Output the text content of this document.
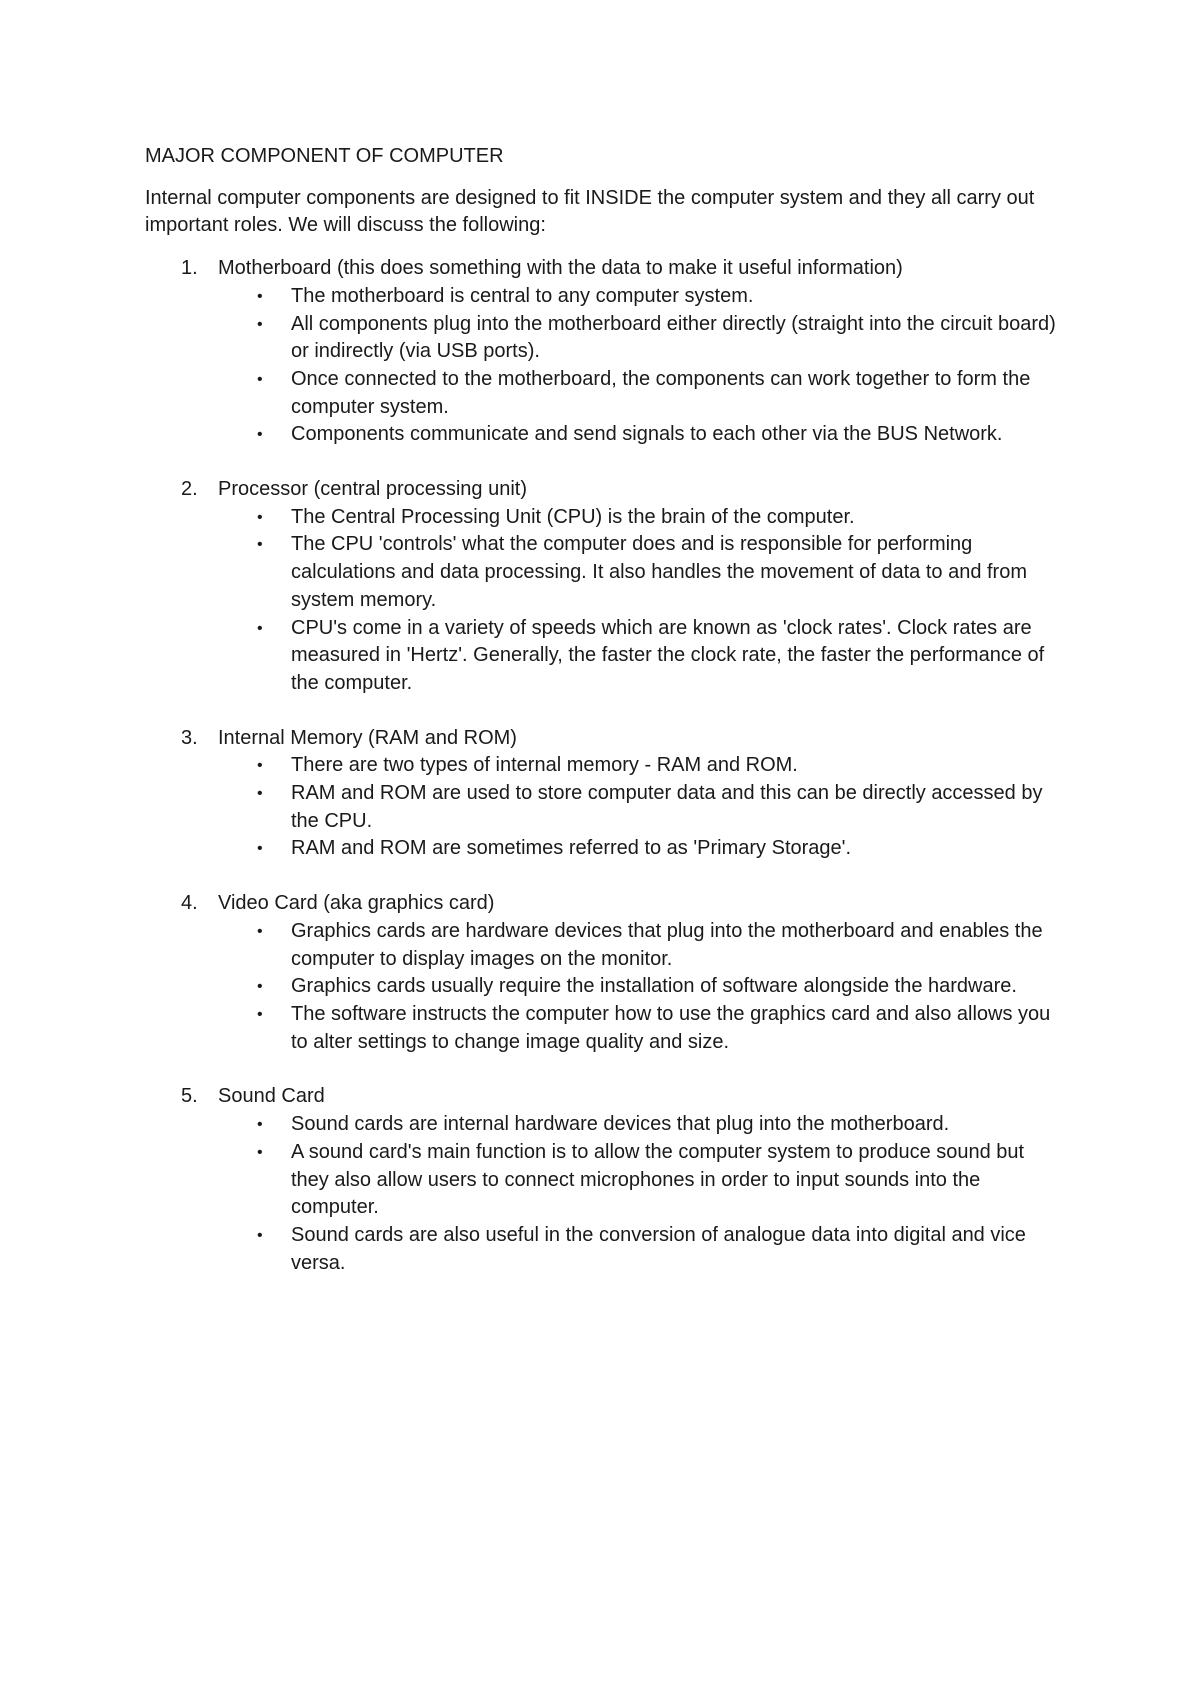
MAJOR COMPONENT OF COMPUTER

Internal computer components are designed to fit INSIDE the computer system and they all carry out important roles. We will discuss the following:

1. Motherboard (this does something with the data to make it useful information)
• The motherboard is central to any computer system.
• All components plug into the motherboard either directly (straight into the circuit board) or indirectly (via USB ports).
• Once connected to the motherboard, the components can work together to form the computer system.
• Components communicate and send signals to each other via the BUS Network.
2. Processor (central processing unit)
• The Central Processing Unit (CPU) is the brain of the computer.
• The CPU 'controls' what the computer does and is responsible for performing calculations and data processing. It also handles the movement of data to and from system memory.
• CPU's come in a variety of speeds which are known as 'clock rates'. Clock rates are measured in 'Hertz'. Generally, the faster the clock rate, the faster the performance of the computer.
3. Internal Memory (RAM and ROM)
• There are two types of internal memory - RAM and ROM.
• RAM and ROM are used to store computer data and this can be directly accessed by the CPU.
• RAM and ROM are sometimes referred to as 'Primary Storage'.
4. Video Card (aka graphics card)
• Graphics cards are hardware devices that plug into the motherboard and enables the computer to display images on the monitor.
• Graphics cards usually require the installation of software alongside the hardware.
• The software instructs the computer how to use the graphics card and also allows you to alter settings to change image quality and size.
5. Sound Card
• Sound cards are internal hardware devices that plug into the motherboard.
• A sound card's main function is to allow the computer system to produce sound but they also allow users to connect microphones in order to input sounds into the computer.
• Sound cards are also useful in the conversion of analogue data into digital and vice versa.
